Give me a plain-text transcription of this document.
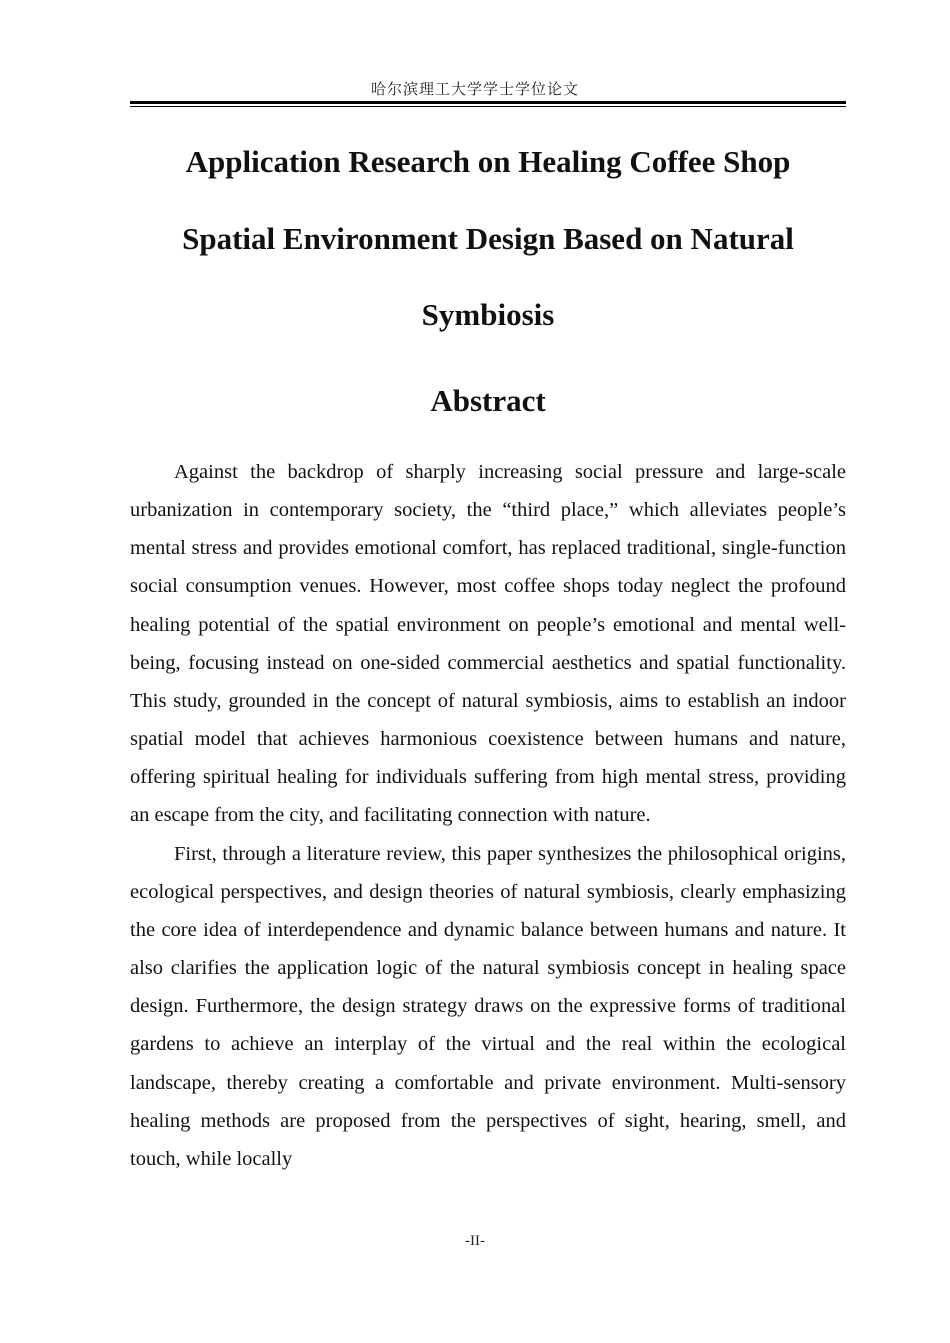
哈尔滨理工大学学士学位论文
Application Research on Healing Coffee Shop
Spatial Environment Design Based on Natural
Symbiosis
Abstract

Against the backdrop of sharply increasing social pressure and large-scale urbanization in contemporary society, the “third place,” which alleviates people’s mental stress and provides emotional comfort, has replaced traditional, single-function social consumption venues. However, most coffee shops today neglect the profound healing potential of the spatial environment on people’s emotional and mental well-being, focusing instead on one-sided commercial aesthetics and spatial functionality. This study, grounded in the concept of natural symbiosis, aims to establish an indoor spatial model that achieves harmonious coexistence between humans and nature, offering spiritual healing for individuals suffering from high mental stress, providing an escape from the city, and facilitating connection with nature.

First, through a literature review, this paper synthesizes the philosophical origins, ecological perspectives, and design theories of natural symbiosis, clearly emphasizing the core idea of interdependence and dynamic balance between humans and nature. It also clarifies the application logic of the natural symbiosis concept in healing space design. Furthermore, the design strategy draws on the expressive forms of traditional gardens to achieve an interplay of the virtual and the real within the ecological landscape, thereby creating a comfortable and private environment. Multi-sensory healing methods are proposed from the perspectives of sight, hearing, smell, and touch, while locally

-II-
